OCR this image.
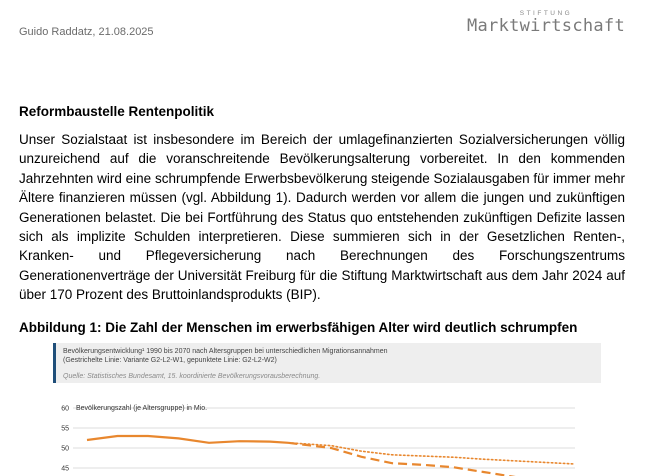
Guido Raddatz, 21.08.2025
STIFTUNG
Marktwirtschaft
Reformbaustelle Rentenpolitik

Unser Sozialstaat ist insbesondere im Bereich der umlagefinanzierten Sozialversicherungen völlig unzureichend auf die voranschreitende Bevölkerungsalterung vorbereitet. In den kommenden Jahrzehnten wird eine schrumpfende Erwerbsbevölkerung steigende Sozialausgaben für immer mehr Ältere finanzieren müssen (vgl. Abbildung 1). Dadurch werden vor allem die jungen und zukünftigen Generationen belastet. Die bei Fortführung des Status quo entstehenden zukünftigen Defizite lassen sich als implizite Schulden interpretieren. Diese summieren sich in der Gesetzlichen Renten-, Kranken- und Pflegeversicherung nach Berechnungen des Forschungszentrums Generationenverträge der Universität Freiburg für die Stiftung Marktwirtschaft aus dem Jahr 2024 auf über 170 Prozent des Bruttoinlandsprodukts (BIP).

Abbildung 1: Die Zahl der Menschen im erwerbsfähigen Alter wird deutlich schrumpfen
Bevölkerungsentwicklung¹ 1990 bis 2070 nach Altersgruppen bei unterschiedlichen Migrationsannahmen
(Gestrichelte Linie: Variante G2-L2-W1, gepunktete Linie: G2-L2-W2)
Quelle: Statistisches Bundesamt, 15. koordinierte Bevölkerungsvorausberechnung.
60
55
50
45
Bevölkerungszahl (je Altersgruppe) in Mio.
